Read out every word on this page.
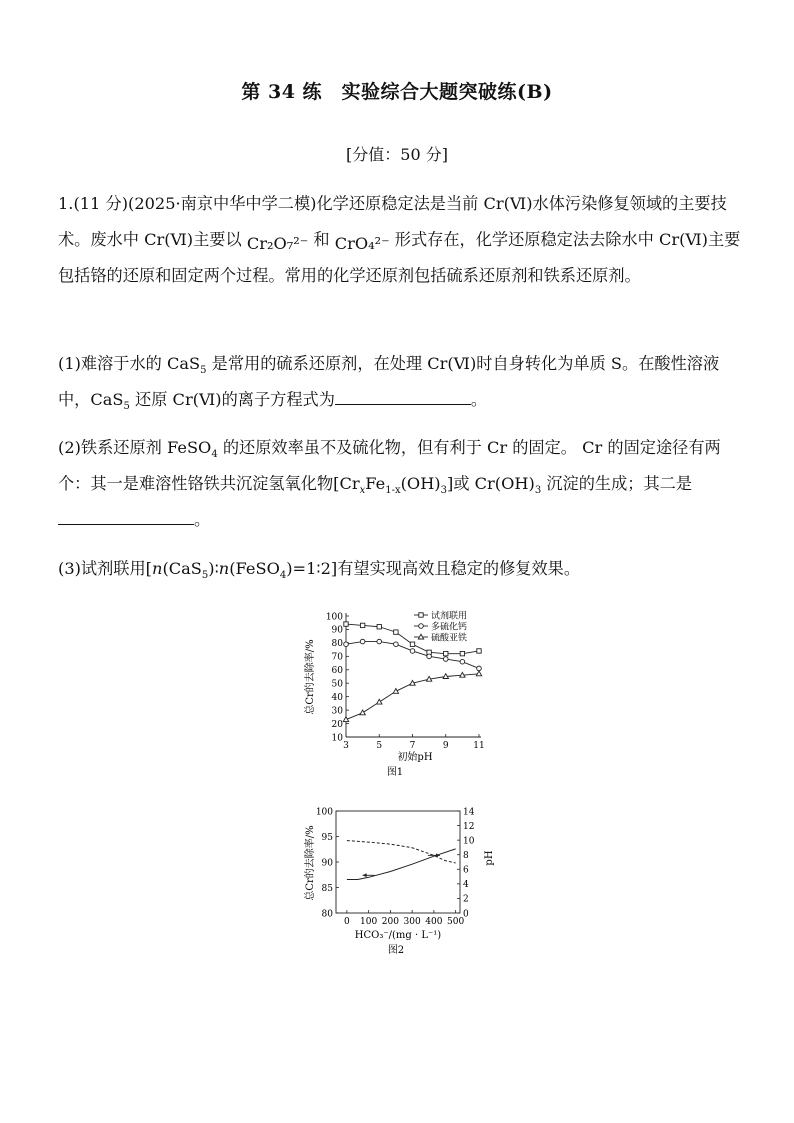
第 34 练　实验综合大题突破练(B)
[分值：50 分]
1.(11 分)(2025·南京中华中学二模)化学还原稳定法是当前 Cr(Ⅵ)水体污染修复领域的主要技术。废水中 Cr(Ⅵ)主要以 Cr₂O₇²⁻ 和 CrO₄²⁻ 形式存在，化学还原稳定法去除水中 Cr(Ⅵ)主要包括铬的还原和固定两个过程。常用的化学还原剂包括硫系还原剂和铁系还原剂。
(1)难溶于水的 CaS$_5$ 是常用的硫系还原剂，在处理 Cr(Ⅵ)时自身转化为单质 S。在酸性溶液中，CaS$_5$ 还原 Cr(Ⅵ)的离子方程式为	。
(2)铁系还原剂 FeSO$_4$ 的还原效率虽不及硫化物，但有利于 Cr 的固定。 Cr 的固定途径有两个：其一是难溶性铬铁共沉淀氢氧化物$[Cr_xFe_{1-x}(OH)_3]$或 $Cr(OH)_3$ 沉淀的生成；其二是。
(3)试剂联用[n(CaS$_5$)∶n(FeSO$_4$)=1∶2]有望实现高效且稳定的修复效果。
10
20
30
40
50
60
70
80
90
100
3	5	7	9	11
试剂联用
多硫化钙
硫酸亚铁
初始pH
图1
总Cr的去除率/%
80
85
90
95
100
0
2
4
6
8
10
12
14
0 100 200 300 400 500
HCO₃⁻/(mg · L⁻¹)
图2
总Cr的去除率/%	pH
